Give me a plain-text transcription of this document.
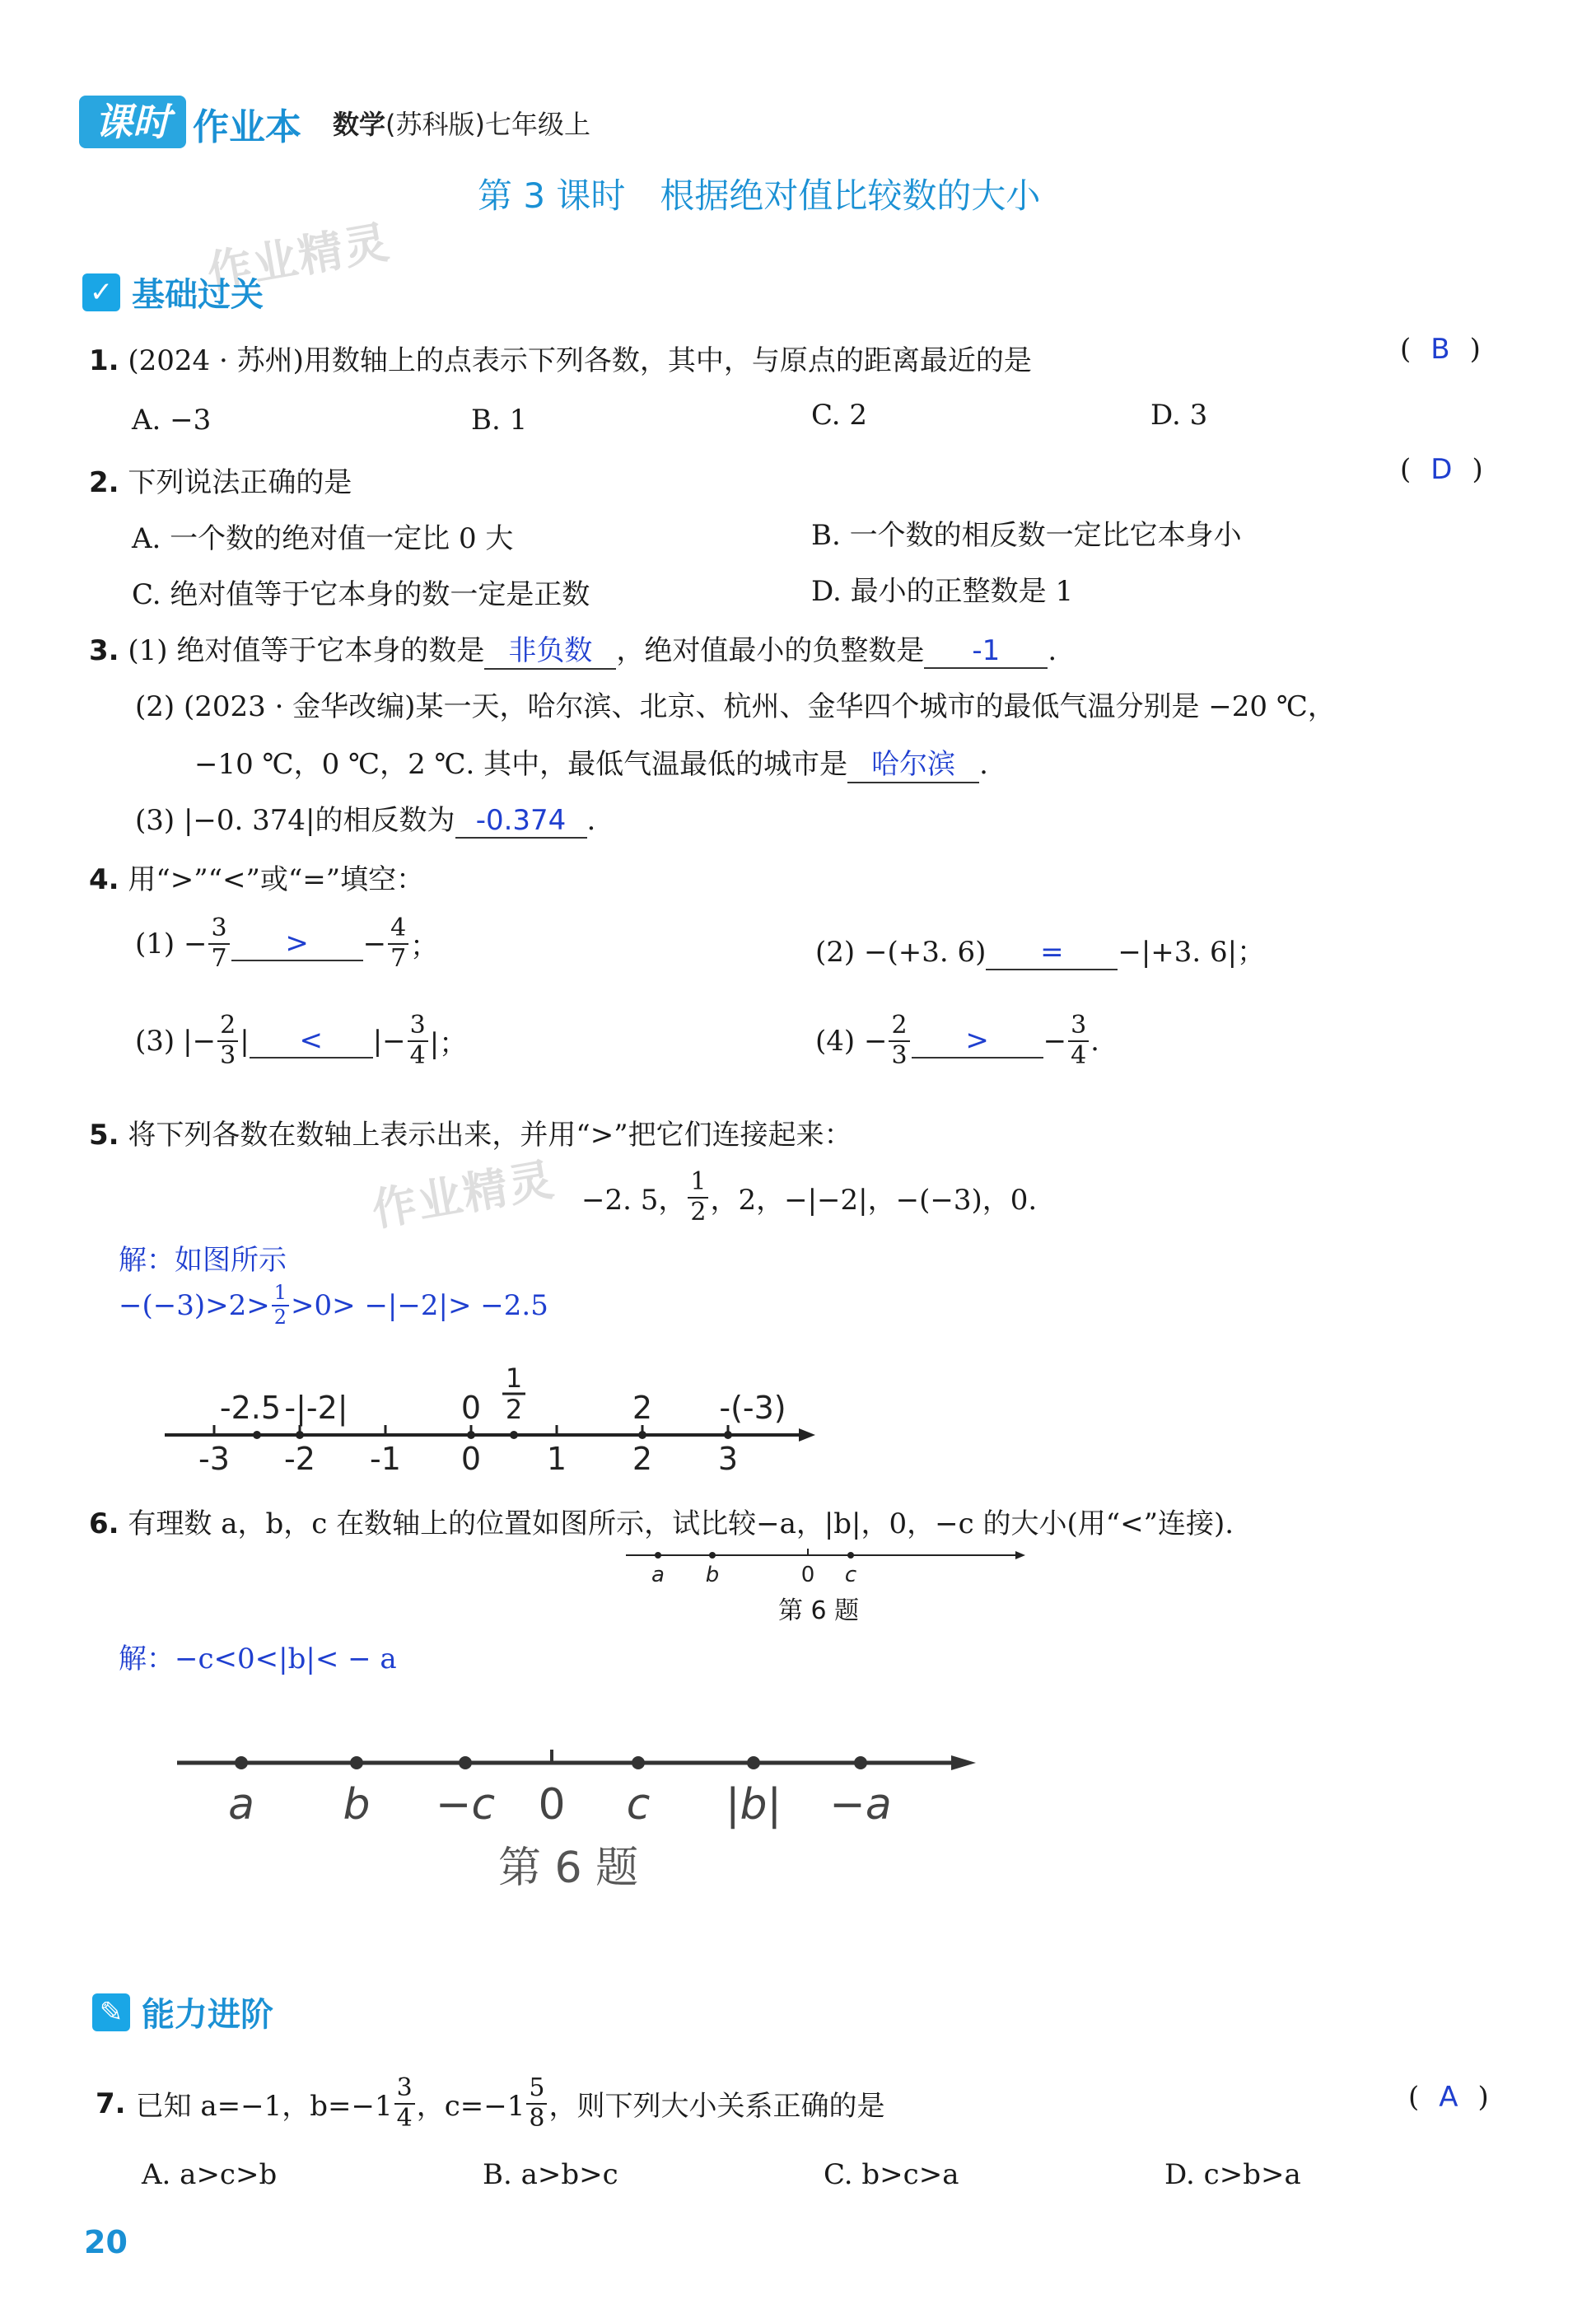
课时 作业本 数学(苏科版)七年级上
第 3 课时　根据绝对值比较数的大小
作业精灵
作业精灵
✓ 基础过关
1. (2024 · 苏州)用数轴上的点表示下列各数，其中，与原点的距离最近的是	( B )
A. −3	B. 1	C. 2	D. 3
2. 下列说法正确的是	( D )
A. 一个数的绝对值一定比 0 大	B. 一个数的相反数一定比它本身小
C. 绝对值等于它本身的数一定是正数	D. 最小的正整数是 1
3. (1) 绝对值等于它本身的数是 非负数 ，绝对值最小的负整数是 -1 .
(2) (2023 · 金华改编)某一天，哈尔滨、北京、杭州、金华四个城市的最低气温分别是 −20 ℃，
−10 ℃，0 ℃，2 ℃. 其中，最低气温最低的城市是 哈尔滨 .
(3) |−0. 374|的相反数为 -0.374 .
4. 用“>”“<”或“=”填空：
$(1) - \frac{3}{7}$	>	− $\frac{4}{7}$ ；	(2) −(+3. 6) = −|+3. 6|；
(3) |− $\frac{2}{3}$ |	<	|− $\frac{3}{4}$ |；	$(4) - \frac{2}{3}$	>	− $\frac{3}{4}$ .
5. 将下列各数在数轴上表示出来，并用“>”把它们连接起来：
−2. 5， $\frac{1}{2}$ ，2，−|−2|，−(−3)，0.
解：如图所示
$-(-3)>2> \frac{1}{2} >0> -|-2|> -2.5$
-3 -2 -1 0 1 2 3
-2.5 -|-2|	0
1
2	2 -(-3)
6. 有理数 a，b，c 在数轴上的位置如图所示，试比较−a，|b|，0，−c 的大小(用“<”连接).
a b	0 c
第 6 题
解：−c<0<|b|< − a
a b −c 0 c |b| −a
第 6 题
✎ 能力进阶
7. 已知 a=−1，$b=-1 \frac{3}{4}$ ，$c=-1 \frac{5}{8}$ ，则下列大小关系正确的是	( A )
A. a>c>b	B. a>b>c	C. b>c>a	D. c>b>a
20
